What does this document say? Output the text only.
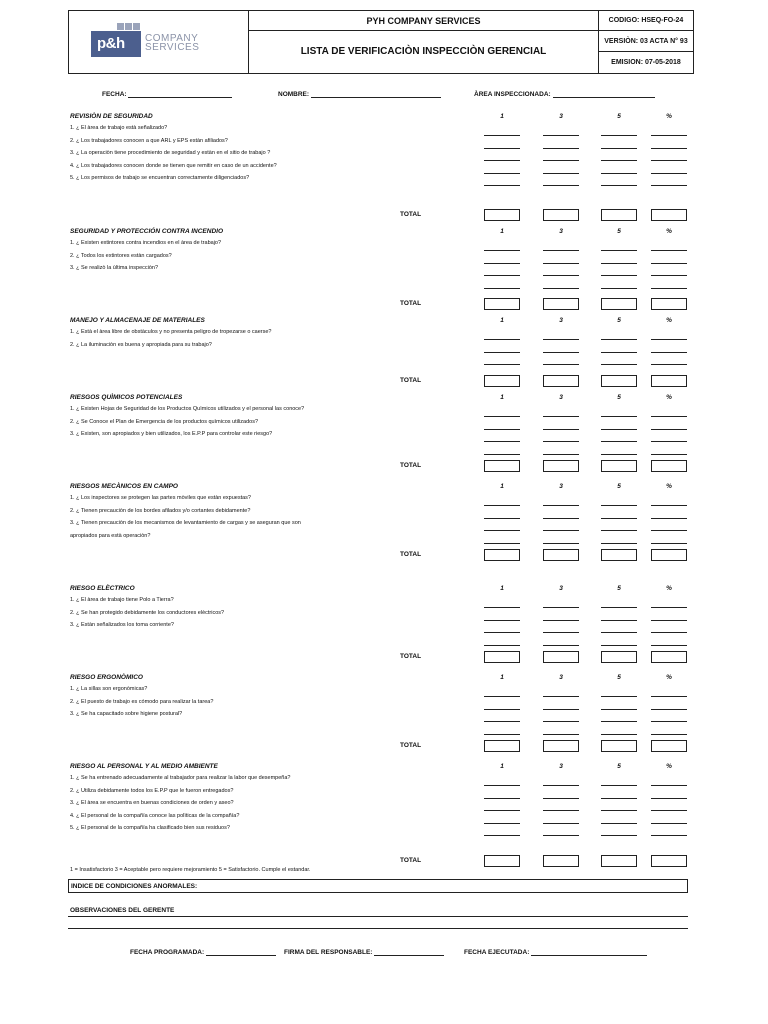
p&h COMPANY
SERVICES
PYH COMPANY SERVICES
LISTA DE VERIFICACIÒN INSPECCIÒN GERENCIAL
CODIGO: HSEQ-FO-24
VERSIÒN: 03 ACTA N° 93
EMISION: 07-05-2018
FECHA:	NOMBRE:	ÀREA INSPECCIONADA:
REVISIÒN DE SEGURIDAD	1	3	5	%
1. ¿ El àrea de trabajo està señalizado?
2. ¿ Los trabajadores conocen a que ARL y EPS estàn afiliados?
3. ¿ La operaciòn tiene procedimiento de seguridad y estàn en el sitio de trabajo ?
4. ¿ Los trabajadores conocen donde se tienen que remitir en caso de un accidente?
5. ¿ Los permisos de trabajo se encuentran correctamente diligenciados?
TOTAL
SEGURIDAD Y PROTECCIÓN CONTRA INCENDIO	1	3	5	%
1. ¿ Existen extintores contra incendios en el àrea de trabajo?
2. ¿ Todos los extintores estàn cargados?
3. ¿ Se realizò la ùltima inspecciòn?
TOTAL
MANEJO Y ALMACENAJE DE MATERIALES	1	3	5	%
1. ¿ Està el àrea libre de obstàculos y no presenta peligro de tropezarse o caerse?
2. ¿ La iluminaciòn es buena y apropiada para su trabajo?
TOTAL
RIESGOS QUÌMICOS POTENCIALES	1	3	5	%
1. ¿ Existen Hojas de Seguridad de los Productos Quìmicos utilizados y el personal las conoce?
2. ¿ Se Conoce el Plan de Emergencia de los productos quìmicos utilizados?
3. ¿ Existen, son apropiados y bien utilizados, los E.P.P para controlar este riesgo?
TOTAL
RIESGOS MECÀNICOS EN CAMPO	1	3	5	%
1. ¿ Los inspectores se protegen las partes mòviles que estàn expuestas?
2. ¿ Tienen precauciòn de los bordes afilados y/o cortantes debidamente?
3. ¿ Tienen precauciòn de los mecanismos de levantamiento de cargas y se aseguran que son
apropiados para està operaciòn?
TOTAL
RIESGO ELÈCTRICO	1	3	5	%
1. ¿ El àrea de trabajo tiene Polo a Tierra?
2. ¿ Se han protegido debidamente los conductores elèctricos?
3. ¿ Estàn señalizados los toma corriente?
TOTAL
RIESGO ERGONÒMICO	1	3	5	%
1. ¿ La sillas son ergonòmicas?
2. ¿ El puesto de trabajo es cómodo para realizar la tarea?
3. ¿ Se ha capacitado sobre higiene postural?
TOTAL
RIESGO AL PERSONAL Y AL MEDIO AMBIENTE	1	3	5	%
1. ¿ Se ha entrenado adecuadamente al trabajador para realizar la labor que desempeña?
2. ¿ Utiliza debidamente todos los E.P.P que le fueron entregados?
3. ¿ El àrea se encuentra en buenas condiciones de orden y aseo?
4. ¿ El personal de la compañía conoce las polìticas de la compañía?
5. ¿ El personal de la compañía ha clasificado bien sus residuos?
TOTAL
1 = Insatisfactorio 3 = Aceptable pero requiere mejoramiento 5 = Satisfactorio. Cumple el estandar.
INDICE DE CONDICIONES ANORMALES:
OBSERVACIONES DEL GERENTE
FECHA PROGRAMADA:	FIRMA DEL RESPONSABLE:	FECHA EJECUTADA:
